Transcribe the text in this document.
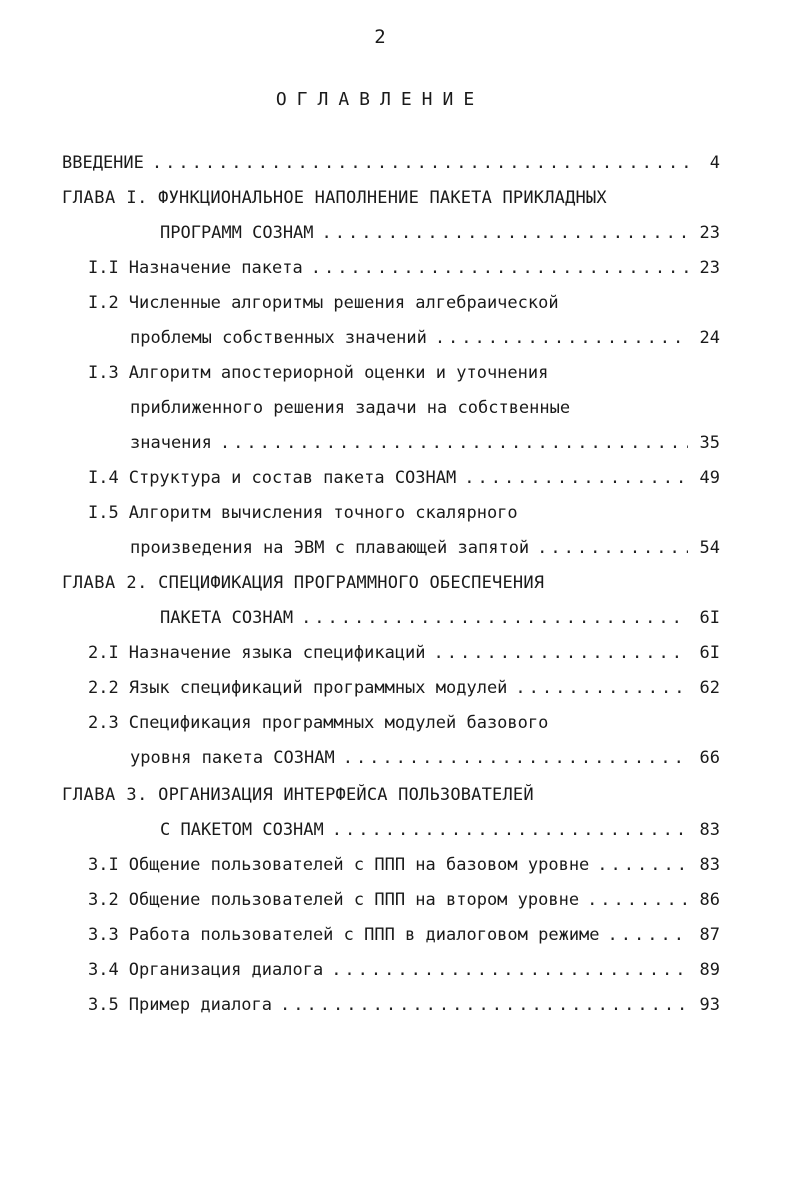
2
ОГЛАВЛЕНИЕ
ВВЕДЕНИЕ .....	4
ГЛАВА I. ФУНКЦИОНАЛЬНОЕ НАПОЛНЕНИЕ ПАКЕТА ПРИКЛАДНЫХ
ПРОГРАММ СОЗНАМ .....	23
I.I Назначение пакета .....	23
I.2 Численные алгоритмы решения алгебраической
проблемы собственных значений .....	24
I.3 Алгоритм апостериорной оценки и уточнения
приближенного решения задачи на собственные
значения .....	35
I.4 Структура и состав пакета СОЗНАМ .....	49
I.5 Алгоритм вычисления точного скалярного
произведения на ЭВМ с плавающей запятой .....	54
ГЛАВА 2. СПЕЦИФИКАЦИЯ ПРОГРАММНОГО ОБЕСПЕЧЕНИЯ
ПАКЕТА СОЗНАМ .....	6I
2.I Назначение языка спецификаций .....	6I
2.2 Язык спецификаций программных модулей .....	62
2.3 Спецификация программных модулей базового
уровня пакета СОЗНАМ .....	66
ГЛАВА 3. ОРГАНИЗАЦИЯ ИНТЕРФЕЙСА ПОЛЬЗОВАТЕЛЕЙ
С ПАКЕТОМ СОЗНАМ .....	83
3.I Общение пользователей с ППП на базовом уровне .....	83
3.2 Общение пользователей с ППП на втором уровне .....	86
3.3 Работа пользователей с ППП в диалоговом режиме .....	87
3.4 Организация диалога .....	89
3.5 Пример диалога .....	93
